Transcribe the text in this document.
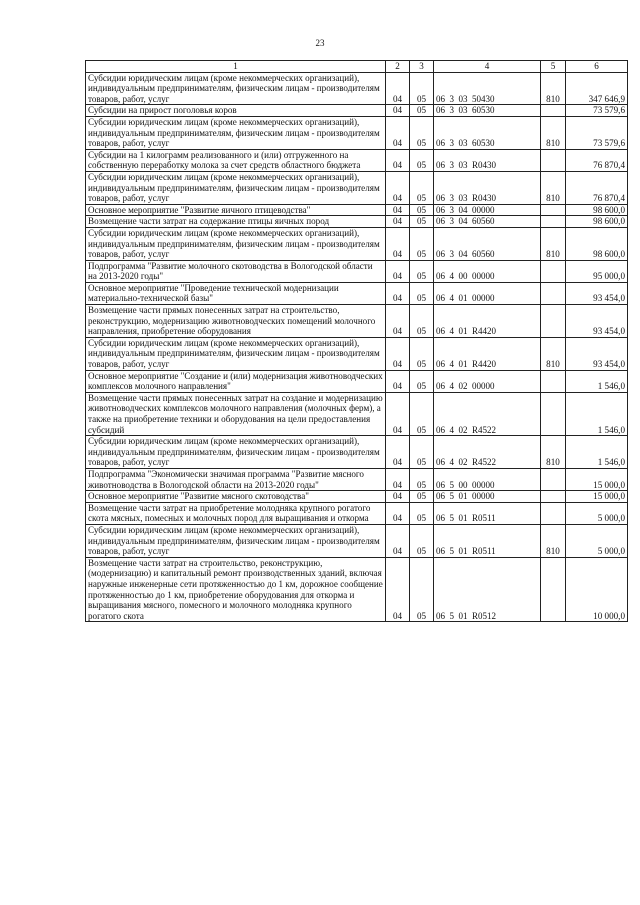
23
1	2	3	4	5	6
Субсидии юридическим лицам (кроме некоммерческих организаций), индивидуальным предпринимателям, физическим лицам - производителям товаров, работ, услуг	04	05	06  3  03  50430	810	347 646,9
Субсидии на прирост поголовья коров	04	05	06  3  03  60530		73 579,6
Субсидии юридическим лицам (кроме некоммерческих организаций), индивидуальным предпринимателям, физическим лицам - производителям товаров, работ, услуг	04	05	06  3  03  60530	810	73 579,6
Субсидии на 1 килограмм реализованного и (или) отгруженного на собственную переработку молока за счет средств областного бюджета	04	05	06  3  03  R0430		76 870,4
Субсидии юридическим лицам (кроме некоммерческих организаций), индивидуальным предпринимателям, физическим лицам - производителям товаров, работ, услуг	04	05	06  3  03  R0430	810	76 870,4
Основное мероприятие "Развитие яичного птицеводства"	04	05	06  3  04  00000		98 600,0
Возмещение части затрат на содержание птицы яичных пород	04	05	06  3  04  60560		98 600,0
Субсидии юридическим лицам (кроме некоммерческих организаций), индивидуальным предпринимателям, физическим лицам - производителям товаров, работ, услуг	04	05	06  3  04  60560	810	98 600,0
Подпрограмма "Развитие молочного скотоводства в Вологодской области на 2013-2020 годы"	04	05	06  4  00  00000		95 000,0
Основное мероприятие "Проведение технической модернизации материально-технической базы"	04	05	06  4  01  00000		93 454,0
Возмещение части прямых понесенных затрат на строительство, реконструкцию, модернизацию животноводческих помещений молочного направления, приобретение оборудования	04	05	06  4  01  R4420		93 454,0
Субсидии юридическим лицам (кроме некоммерческих организаций), индивидуальным предпринимателям, физическим лицам - производителям товаров, работ, услуг	04	05	06  4  01  R4420	810	93 454,0
Основное мероприятие "Создание и (или) модернизация животноводческих комплексов молочного направления"	04	05	06  4  02  00000		1 546,0
Возмещение части прямых понесенных затрат на создание и модернизацию животноводческих комплексов молочного направления (молочных ферм), а также на приобретение техники и оборудования на цели предоставления субсидий	04	05	06  4  02  R4522		1 546,0
Субсидии юридическим лицам (кроме некоммерческих организаций), индивидуальным предпринимателям, физическим лицам - производителям товаров, работ, услуг	04	05	06  4  02  R4522	810	1 546,0
Подпрограмма "Экономически значимая программа "Развитие мясного животноводства в Вологодской области на 2013-2020 годы"	04	05	06  5  00  00000		15 000,0
Основное мероприятие "Развитие мясного скотоводства"	04	05	06  5  01  00000		15 000,0
Возмещение части затрат на приобретение молодняка крупного рогатого скота мясных, помесных и молочных пород для выращивания и откорма	04	05	06  5  01  R0511		5 000,0
Субсидии юридическим лицам (кроме некоммерческих организаций), индивидуальным предпринимателям, физическим лицам - производителям товаров, работ, услуг	04	05	06  5  01  R0511	810	5 000,0
Возмещение части затрат на строительство, реконструкцию, (модернизацию) и капитальный ремонт производственных зданий, включая наружные инженерные сети протяженностью до 1 км, дорожное сообщение протяженностью до 1 км, приобретение оборудования для откорма и выращивания мясного, помесного и молочного молодняка крупного рогатого скота	04	05	06  5  01  R0512		10 000,0
